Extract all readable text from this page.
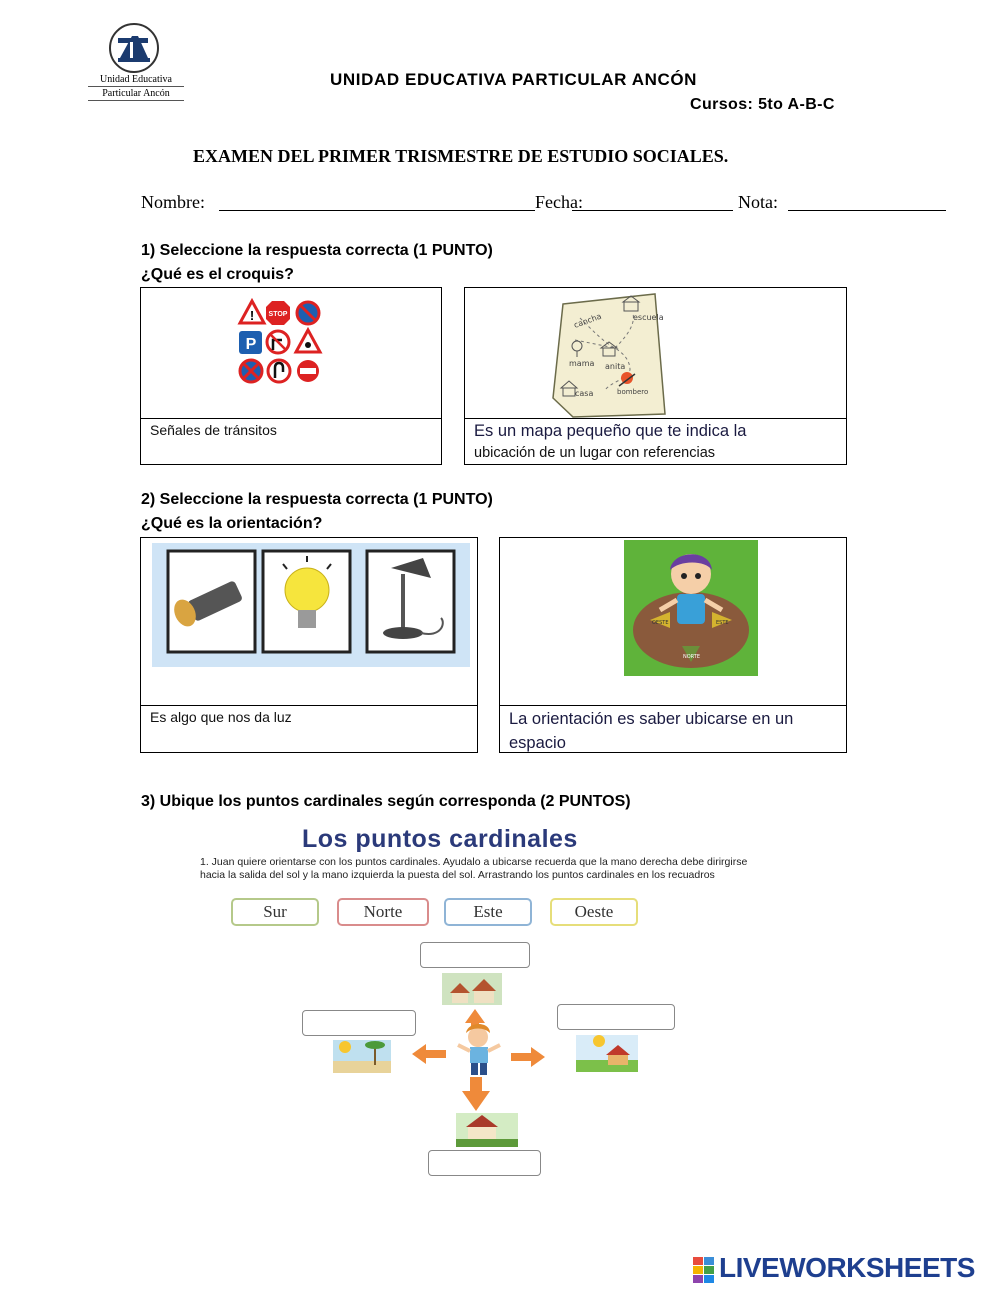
Unidad Educativa
Particular Ancón
UNIDAD EDUCATIVA PARTICULAR ANCÓN
Cursos: 5to A-B-C
EXAMEN DEL PRIMER TRISMESTRE DE ESTUDIO SOCIALES.
Nombre:	Fecha:	Nota:
1) Seleccione la respuesta correcta (1 PUNTO)
¿Qué es el croquis?
! STOP
P
Señales de tránsitos
escuela
cancha
mama anita
casa	bombero
Es un mapa pequeño que te indica la
ubicación de un lugar con referencias
2) Seleccione la respuesta correcta (1 PUNTO)
¿Qué es la orientación?
Es algo que nos da luz
OESTE	ESTE
NORTE
La orientación es saber ubicarse en un espacio
3) Ubique los puntos cardinales según corresponda (2 PUNTOS)
Los puntos cardinales
1. Juan quiere orientarse con los puntos cardinales. Ayudalo a ubicarse recuerda que la mano derecha debe dirirgirse hacia la salida del sol y la mano izquierda la puesta del sol. Arrastrando los puntos cardinales en los recuadros
Sur	Norte	Este	Oeste
LIVEWORKSHEETS
